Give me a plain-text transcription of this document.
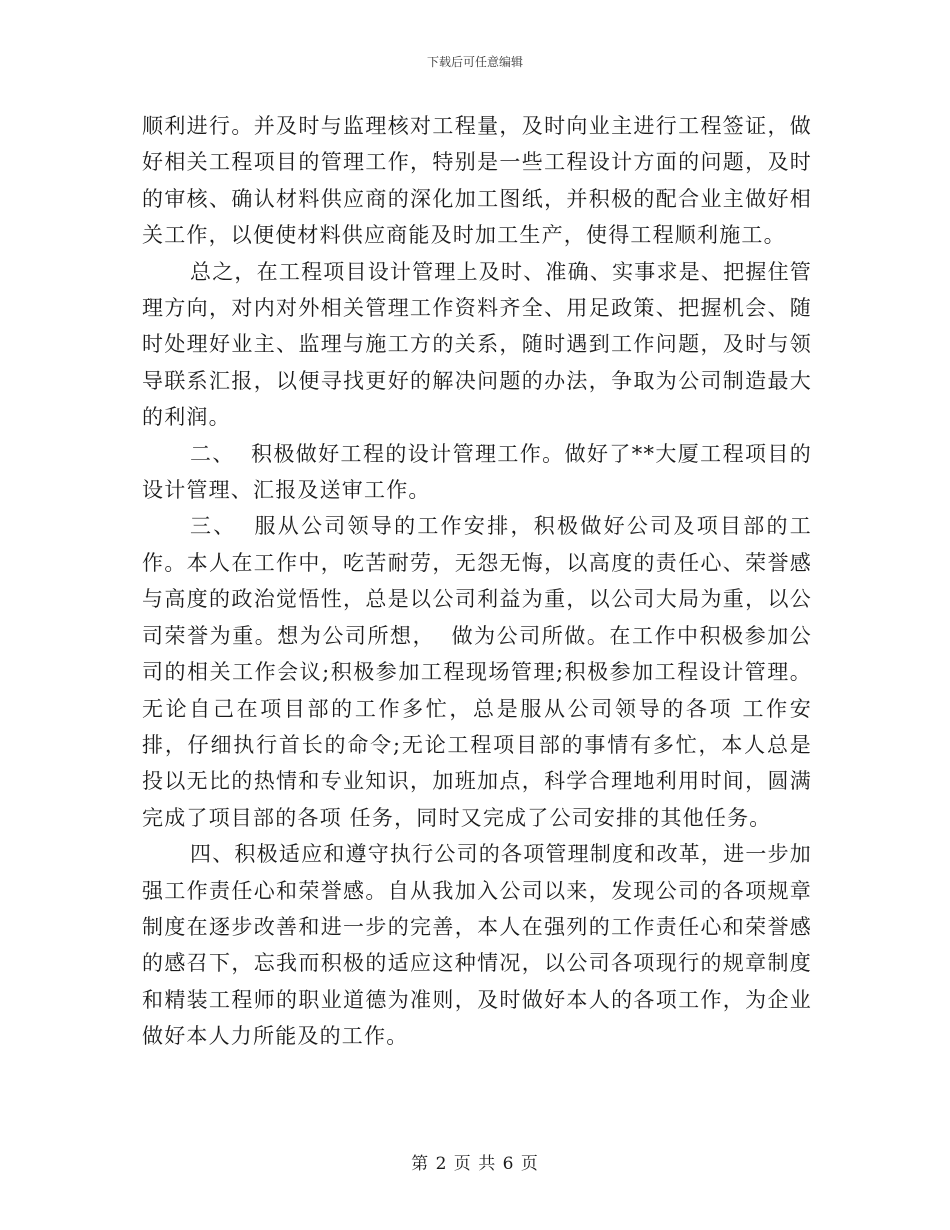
下载后可任意编辑

顺利进行。并及时与监理核对工程量，及时向业主进行工程签证，做好相关工程项目的管理工作，特别是一些工程设计方面的问题，及时的审核、确认材料供应商的深化加工图纸，并积极的配合业主做好相关工作，以便使材料供应商能及时加工生产，使得工程顺利施工。

总之，在工程项目设计管理上及时、准确、实事求是、把握住管理方向，对内对外相关管理工作资料齐全、用足政策、把握机会、随时处理好业主、监理与施工方的关系，随时遇到工作问题，及时与领导联系汇报，以便寻找更好的解决问题的办法，争取为公司制造最大的利润。

二、  积极做好工程的设计管理工作。做好了**大厦工程项目的设计管理、汇报及送审工作。

三、  服从公司领导的工作安排，积极做好公司及项目部的工作。本人在工作中，吃苦耐劳，无怨无悔，以高度的责任心、荣誉感与高度的政治觉悟性，总是以公司利益为重，以公司大局为重，以公司荣誉为重。想为公司所想，  做为公司所做。在工作中积极参加公司的相关工作会议;积极参加工程现场管理;积极参加工程设计管理。无论自己在项目部的工作多忙，总是服从公司领导的各项 工作安排，仔细执行首长的命令;无论工程项目部的事情有多忙，本人总是投以无比的热情和专业知识，加班加点，科学合理地利用时间，圆满完成了项目部的各项 任务，同时又完成了公司安排的其他任务。

四、积极适应和遵守执行公司的各项管理制度和改革，进一步加强工作责任心和荣誉感。自从我加入公司以来，发现公司的各项规章制度在逐步改善和进一步的完善，本人在强列的工作责任心和荣誉感的感召下，忘我而积极的适应这种情况，以公司各项现行的规章制度和精装工程师的职业道德为准则，及时做好本人的各项工作，为企业做好本人力所能及的工作。

第 2 页 共 6 页
